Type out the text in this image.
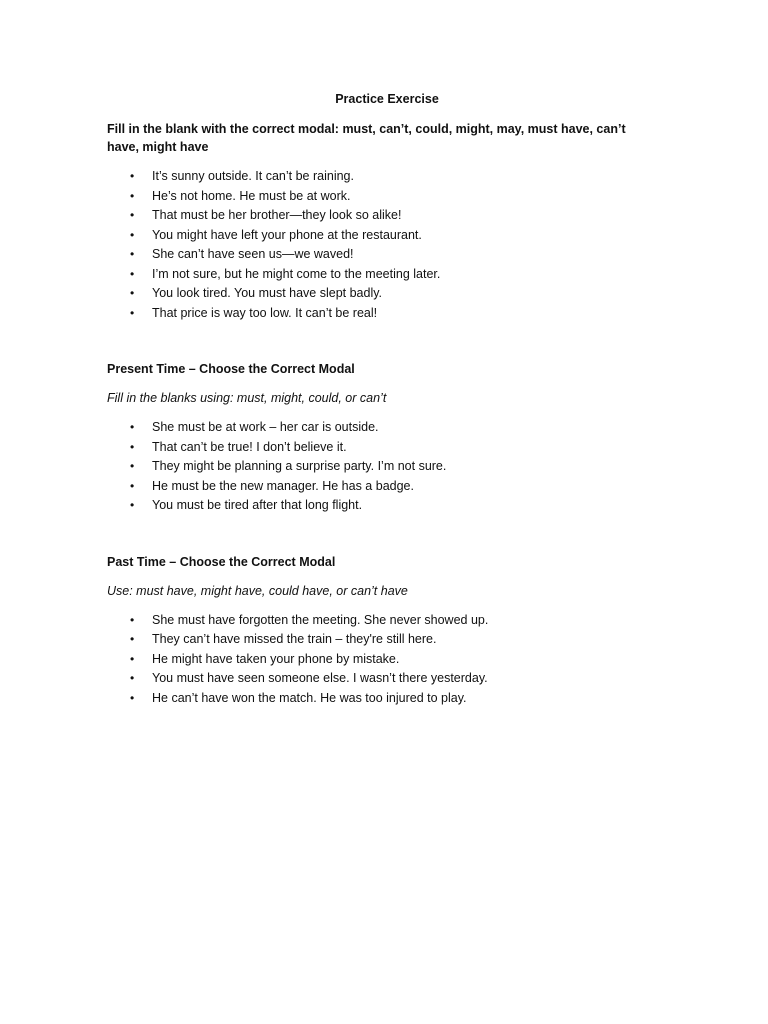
Practice Exercise
Fill in the blank with the correct modal: must, can’t, could, might, may, must have, can’t have, might have
• It’s sunny outside. It can’t be raining.
• He’s not home. He must be at work.
• That must be her brother—they look so alike!
• You might have left your phone at the restaurant.
• She can’t have seen us—we waved!
• I’m not sure, but he might come to the meeting later.
• You look tired. You must have slept badly.
• That price is way too low. It can’t be real!
Present Time – Choose the Correct Modal
Fill in the blanks using: must, might, could, or can’t
• She must be at work – her car is outside.
• That can’t be true! I don’t believe it.
• They might be planning a surprise party. I’m not sure.
• He must be the new manager. He has a badge.
• You must be tired after that long flight.
Past Time – Choose the Correct Modal
Use: must have, might have, could have, or can’t have
• She must have forgotten the meeting. She never showed up.
• They can’t have missed the train – they're still here.
• He might have taken your phone by mistake.
• You must have seen someone else. I wasn’t there yesterday.
• He can’t have won the match. He was too injured to play.
